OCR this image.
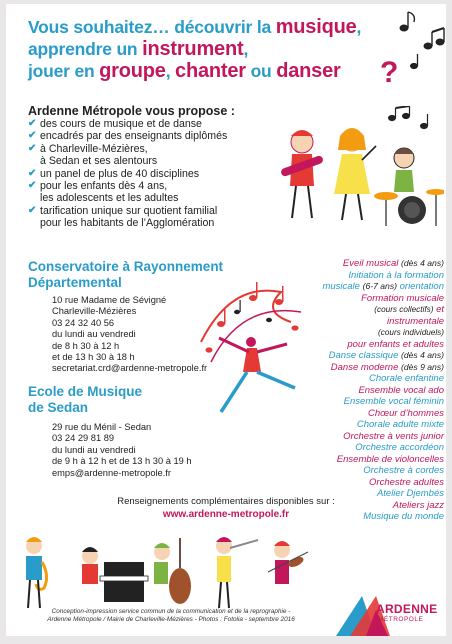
Vous souhaitez… découvrir la musique,
apprendre un instrument,
jouer en groupe, chanter ou danser	?
Ardenne Métropole vous propose :
✔ des cours de musique et de danse
✔ encadrés par des enseignants diplômés
✔ à Charleville-Mézières,
à Sedan et ses alentours
✔ un panel de plus de 40 disciplines
✔ pour les enfants dès 4 ans,
les adolescents et les adultes
✔ tarification unique sur quotient familial
pour les habitants de l’Agglomération
Conservatoire à Rayonnement
Départemental
10 rue Madame de Sévigné
Charleville-Mézières
03 24 32 40 56
du lundi au vendredi
de 8 h 30 à 12 h
et de 13 h 30 à 18 h
secretariat.crd@ardenne-metropole.fr
Ecole de Musique
de Sedan
29 rue du Ménil - Sedan
03 24 29 81 89
du lundi au vendredi
de 9 h à 12 h et de 13 h 30 à 19 h
emps@ardenne-metropole.fr
Eveil musical (dès 4 ans)
Initiation à la formation
musicale (6-7 ans) orientation
Formation musicale
(cours collectifs) et
instrumentale
(cours individuels)
pour enfants et adultes
Danse classique (dès 4 ans)
Danse moderne (dès 9 ans)
Chorale enfantine
Ensemble vocal ado
Ensemble vocal féminin
Chœur d’hommes
Chorale adulte mixte
Orchestre à vents junior
Orchestre accordéon
Ensemble de violoncelles
Orchestre à cordes
Orchestre adultes
Atelier Djembés
Ateliers jazz
Musique du monde
Renseignements complémentaires disponibles sur :
www.ardenne-metropole.fr
Conception-impression service commun de la communication et de la reprographie -
Ardenne Métropole / Mairie de Charleville-Mézières - Photos : Fotolia - septembre 2016
ARDENNE
MÉTROPOLE
